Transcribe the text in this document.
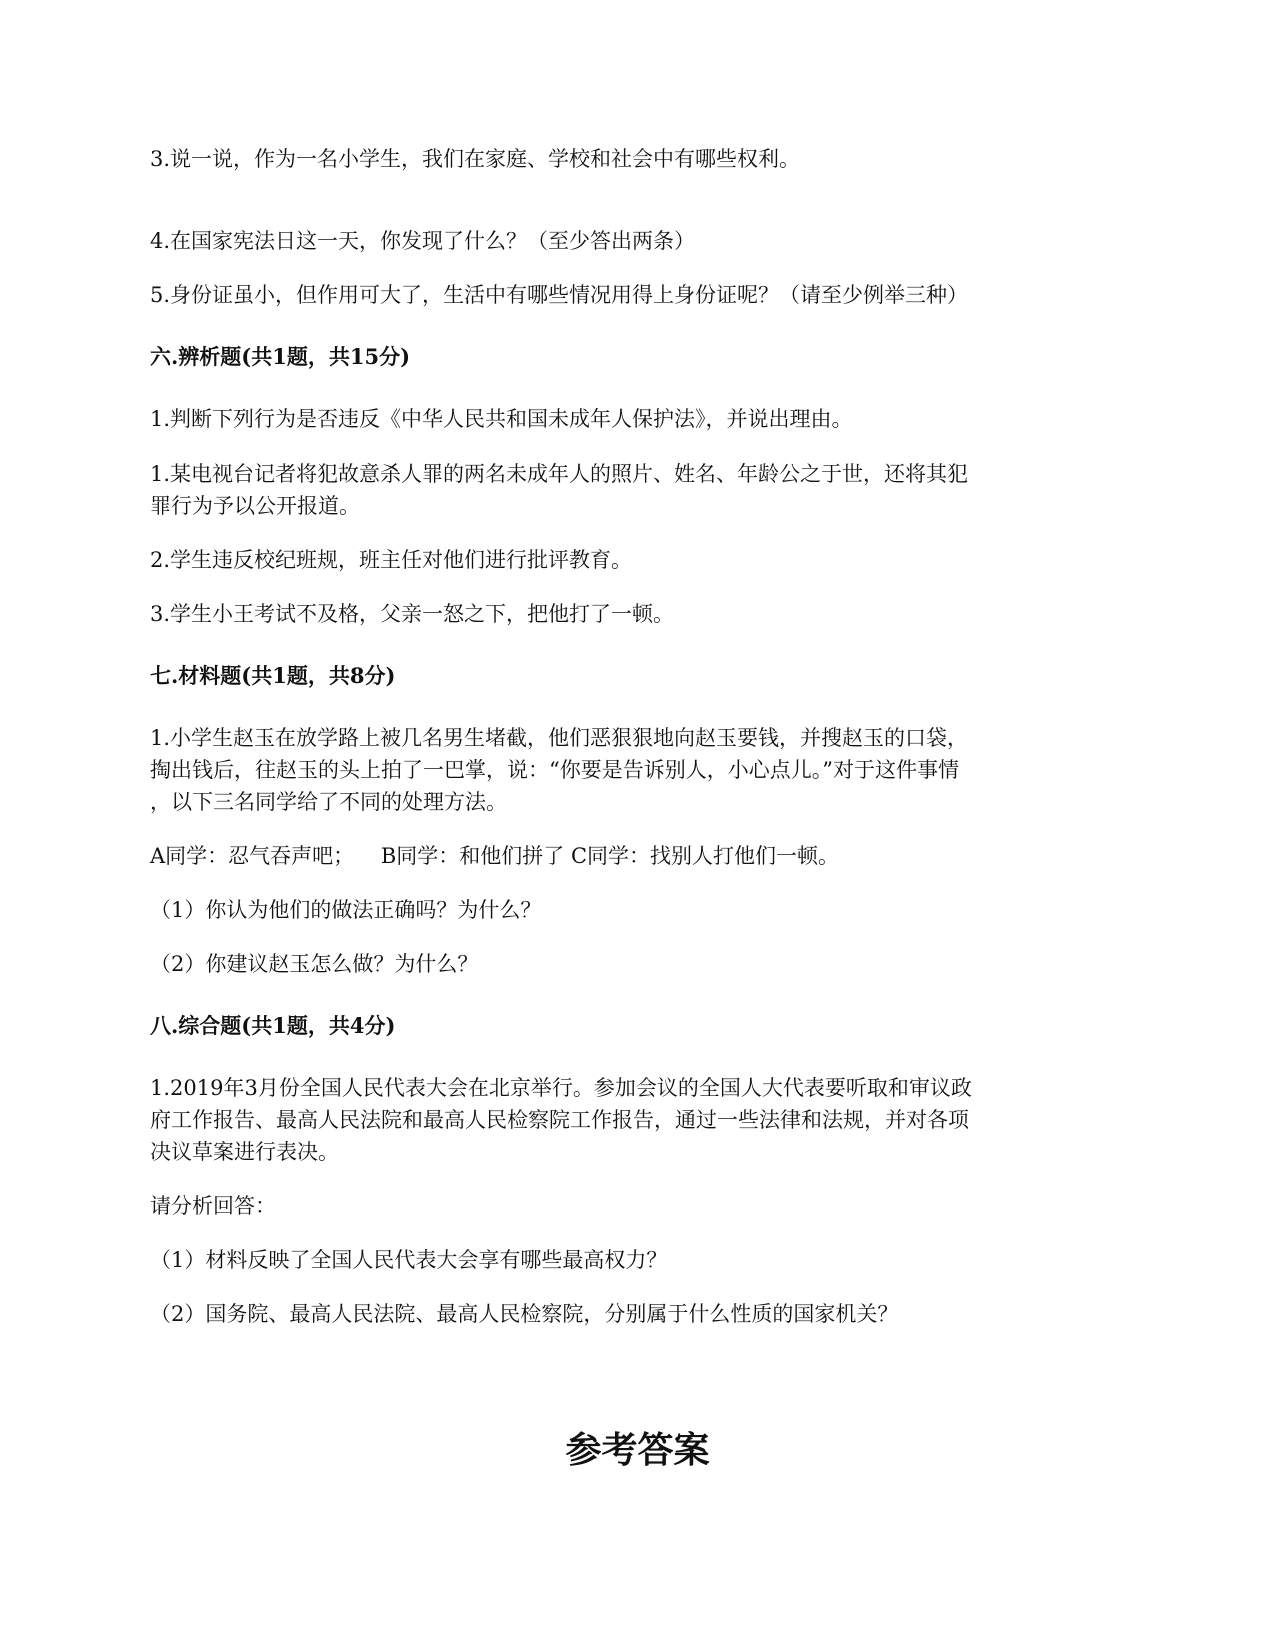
3.说一说，作为一名小学生，我们在家庭、学校和社会中有哪些权利。
4.在国家宪法日这一天，你发现了什么？（至少答出两条）
5.身份证虽小，但作用可大了，生活中有哪些情况用得上身份证呢？（请至少例举三种）
六.辨析题(共1题，共15分)
1.判断下列行为是否违反《中华人民共和国未成年人保护法》，并说出理由。
1.某电视台记者将犯故意杀人罪的两名未成年人的照片、姓名、年龄公之于世，还将其犯
罪行为予以公开报道。
2.学生违反校纪班规，班主任对他们进行批评教育。
3.学生小王考试不及格，父亲一怒之下，把他打了一顿。
七.材料题(共1题，共8分)
1.小学生赵玉在放学路上被几名男生堵截，他们恶狠狠地向赵玉要钱，并搜赵玉的口袋，
掏出钱后，往赵玉的头上拍了一巴掌，说：“你要是告诉别人，小心点儿。”对于这件事情
，以下三名同学给了不同的处理方法。
A同学：忍气吞声吧；    B同学：和他们拼了 C同学：找别人打他们一顿。
（1）你认为他们的做法正确吗？为什么？
（2）你建议赵玉怎么做？为什么？
八.综合题(共1题，共4分)
1.2019年3月份全国人民代表大会在北京举行。参加会议的全国人大代表要听取和审议政
府工作报告、最高人民法院和最高人民检察院工作报告，通过一些法律和法规，并对各项
决议草案进行表决。
请分析回答：
（1）材料反映了全国人民代表大会享有哪些最高权力？
（2）国务院、最高人民法院、最高人民检察院，分别属于什么性质的国家机关？
参考答案
